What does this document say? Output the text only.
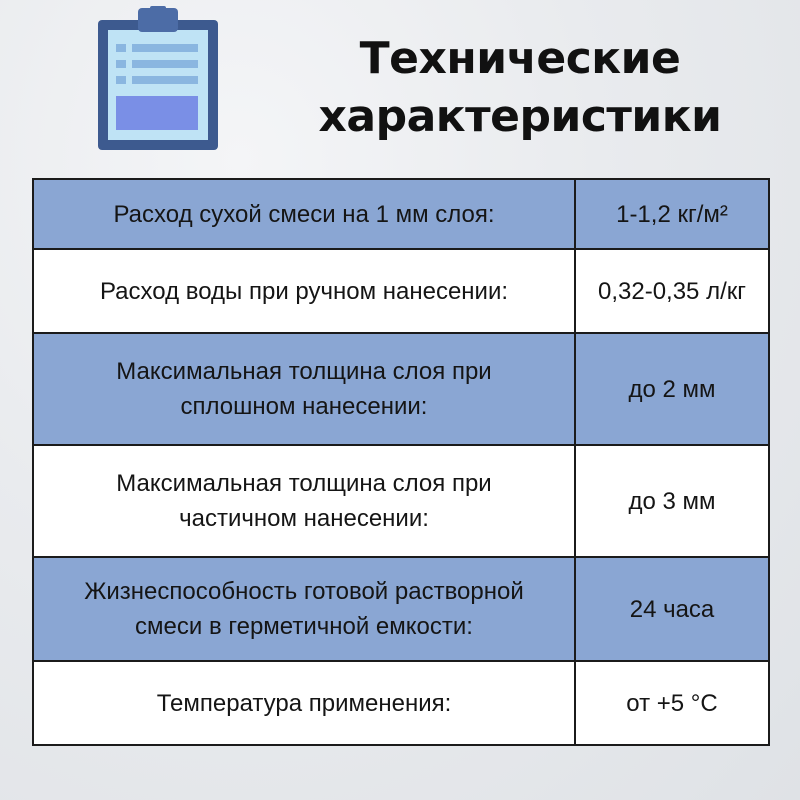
Технические
характеристики
Расход сухой смеси на 1 мм слоя:	1-1,2 кг/м²
Расход воды при ручном нанесении:	0,32-0,35 л/кг
Максимальная толщина слоя при
сплошном нанесении:	до 2 мм
Максимальная толщина слоя при
частичном нанесении:	до 3 мм
Жизнеспособность готовой растворной
смеси в герметичной емкости:	24 часа
Температура применения:	от +5 °C
